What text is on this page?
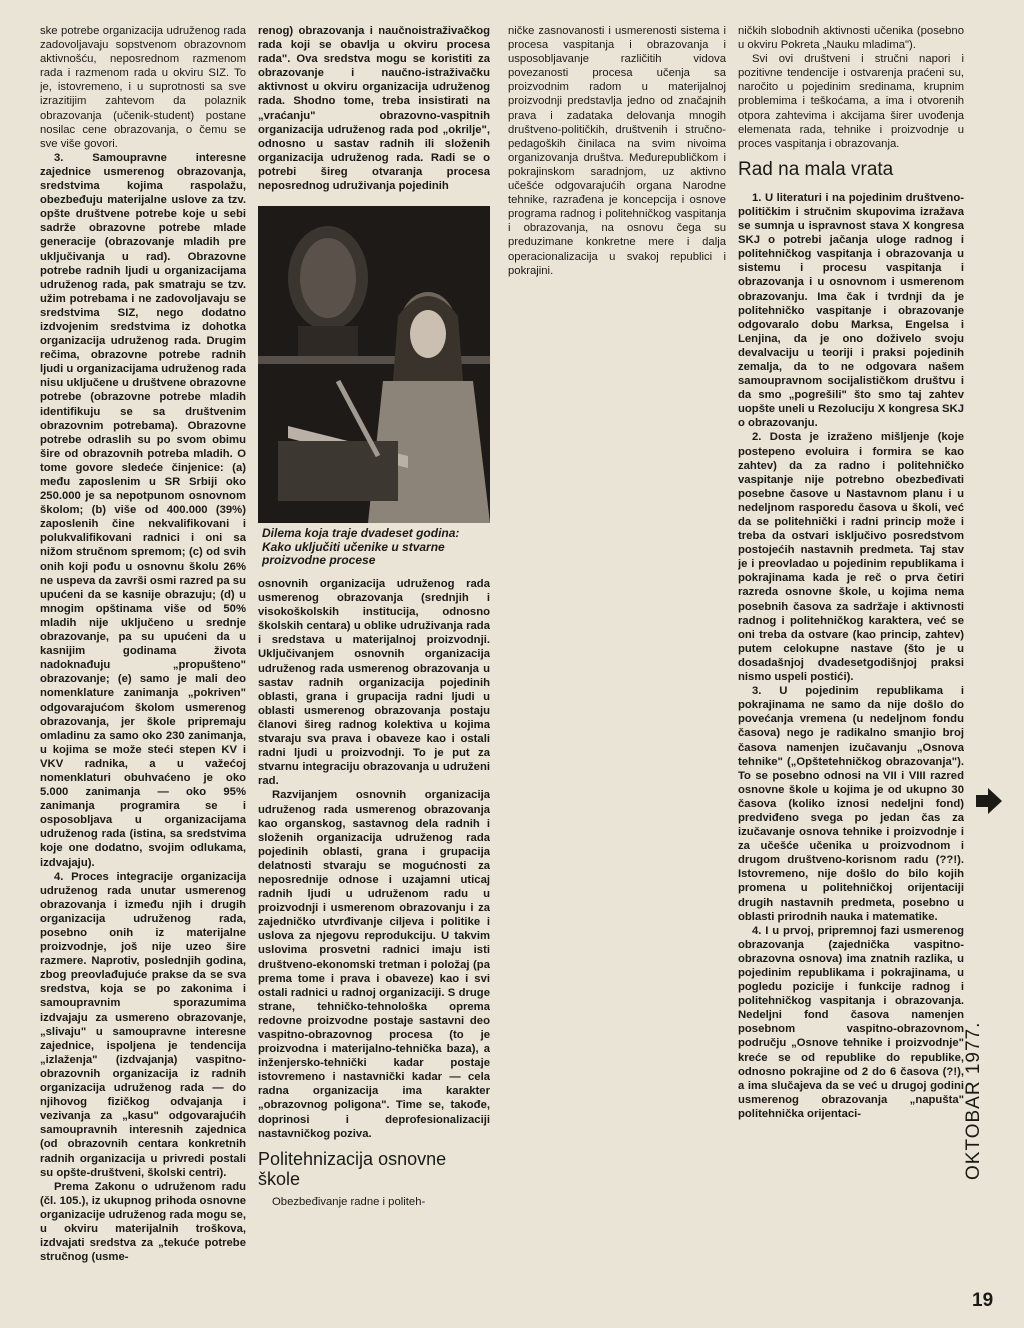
ske potrebe organizacija udruženog rada zadovoljavaju sopstvenom obrazovnom aktivnošću, neposrednom razmenom rada i razmenom rada u okviru SIZ. To je, istovremeno, i u suprotnosti sa sve izrazitijim zahtevom da polaznik obrazovanja (učenik-student) postane nosilac cene obrazovanja, o čemu se sve više govori.

3. Samoupravne interesne zajednice usmerenog obrazovanja, sredstvima kojima raspolažu, obezbeđuju materijalne uslove za tzv. opšte društvene potrebe koje u sebi sadrže obrazovne potrebe mlade generacije (obrazovanje mladih pre uključivanja u rad). Obrazovne potrebe radnih ljudi u organizacijama udruženog rada, pak smatraju se tzv. užim potrebama i ne zadovoljavaju se sredstvima SIZ, nego dodatno izdvojenim sredstvima iz dohotka organizacija udruženog rada. Drugim rečima, obrazovne potrebe radnih ljudi u organizacijama udruženog rada nisu uključene u društvene obrazovne potrebe (obrazovne potrebe mladih identifikuju se sa društvenim obrazovnim potrebama). Obrazovne potrebe odraslih su po svom obimu šire od obrazovnih potreba mladih. O tome govore sledeće činjenice: (a) među zaposlenim u SR Srbiji oko 250.000 je sa nepotpunom osnovnom školom; (b) više od 400.000 (39%) zaposlenih čine nekvalifikovani i polukvalifikovani radnici i oni sa nižom stručnom spremom; (c) od svih onih koji pođu u osnovnu školu 26% ne uspeva da završi osmi razred pa su upućeni da se kasnije obrazuju; (d) u mnogim opštinama više od 50% mladih nije uključeno u srednje obrazovanje, pa su upućeni da u kasnijim godinama života nadoknađuju „propušteno" obrazovanje; (e) samo je mali deo nomenklature zanimanja „pokriven" odgovarajućom školom usmerenog obrazovanja, jer škole pripremaju omladinu za samo oko 230 zanimanja, u kojima se može steći stepen KV i VKV radnika, a u važećoj nomenklaturi obuhvaćeno je oko 5.000 zanimanja — oko 95% zanimanja programira se i osposobljava u organizacijama udruženog rada (istina, sa sredstvima koje one dodatno, svojim odlukama, izdvajaju).

4. Proces integracije organizacija udruženog rada unutar usmerenog obrazovanja i između njih i drugih organizacija udruženog rada, posebno onih iz materijalne proizvodnje, još nije uzeo šire razmere. Naprotiv, poslednjih godina, zbog preovlađujuće prakse da se sva sredstva, koja se po zakonima i samoupravnim sporazumima izdvajaju za usmereno obrazovanje, „slivaju" u samoupravne interesne zajednice, ispoljena je tendencija „izlaženja" (izdvajanja) vaspitno-obrazovnih organizacija iz radnih organizacija udruženog rada — do njihovog fizičkog odvajanja i vezivanja za „kasu" odgovarajućih samoupravnih interesnih zajednica (od obrazovnih centara konkretnih radnih organizacija u privredi postali su opšte-društveni, školski centri).

Prema Zakonu o udruženom radu (čl. 105.), iz ukupnog prihoda osnovne organizacije udruženog rada mogu se, u okviru materijalnih troškova, izdvajati sredstva za „tekuće potrebe stručnog (usme-

renog) obrazovanja i naučnoistraživačkog rada koji se obavlja u okviru procesa rada". Ova sredstva mogu se koristiti za obrazovanje i naučno-istraživačku aktivnost u okviru organizacija udruženog rada. Shodno tome, treba insistirati na „vraćanju" obrazovno-vaspitnih organizacija udruženog rada pod „okrilje", odnosno u sastav radnih ili složenih organizacija udruženog rada. Radi se o potrebi šireg otvaranja procesa neposrednog udruživanja pojedinih

Dilema koja traje dvadeset godina: Kako uključiti učenike u stvarne proizvodne procese

osnovnih organizacija udruženog rada usmerenog obrazovanja (srednjih i visokoškolskih institucija, odnosno školskih centara) u oblike udruživanja rada i sredstava u materijalnoj proizvodnji. Uključivanjem osnovnih organizacija udruženog rada usmerenog obrazovanja u sastav radnih organizacija pojedinih oblasti, grana i grupacija radni ljudi u oblasti usmerenog obrazovanja postaju članovi šireg radnog kolektiva u kojima stvaraju sva prava i obaveze kao i ostali radni ljudi u proizvodnji. To je put za stvarnu integraciju obrazovanja u udruženi rad.

Razvijanjem osnovnih organizacija udruženog rada usmerenog obrazovanja kao organskog, sastavnog dela radnih i složenih organizacija udruženog rada pojedinih oblasti, grana i grupacija delatnosti stvaraju se mogućnosti za neposrednije odnose i uzajamni uticaj radnih ljudi u udruženom radu u proizvodnji i usmerenom obrazovanju i za zajedničko utvrđivanje ciljeva i politike i uslova za njegovu reprodukciju. U takvim uslovima prosvetni radnici imaju isti društveno-ekonomski tretman i položaj (pa prema tome i prava i obaveze) kao i svi ostali radnici u radnoj organizaciji. S druge strane, tehničko-tehnološka oprema redovne proizvodne postaje sastavni deo vaspitno-obrazovnog procesa (to je proizvodna i materijalno-tehnička baza), a inženjersko-tehnički kadar postaje istovremeno i nastavnički kadar — cela radna organizacija ima karakter „obrazovnog poligona". Time se, takođe, doprinosi i deprofesionalizaciji nastavničkog poziva.

Politehnizacija osnovne škole

Obezbeđivanje radne i politeh-

ničke zasnovanosti i usmerenosti sistema i procesa vaspitanja i obrazovanja i usposobljavanje različitih vidova povezanosti procesa učenja sa proizvodnim radom u materijalnoj proizvodnji predstavlja jedno od značajnih prava i zadataka delovanja mnogih društveno-političkih, društvenih i stručno-pedagoških činilaca na svim nivoima organizovanja društva. Međurepubličkom i pokrajinskom saradnjom, uz aktivno učešće odgovarajućih organa Narodne tehnike, razrađena je koncepcija i osnove programa radnog i politehničkog vaspitanja i obrazovanja, na osnovu čega su preduzimane konkretne mere i dalja operacionalizacija u svakoj republici i pokrajini.

ničkih slobodnih aktivnosti učenika (posebno u okviru Pokreta „Nauku mladima").

Svi ovi društveni i stručni napori i pozitivne tendencije i ostvarenja praćeni su, naročito u pojedinim sredinama, krupnim problemima i teškoćama, a ima i otvorenih otpora zahtevima i akcijama širег uvođenja elemenata rada, tehnike i proizvodnje u proces vaspitanja i obrazovanja.

Rad na mala vrata

1. U literaturi i na pojedinim društveno-političkim i stručnim skupovima izražava se sumnja u ispravnost stava X kongresa SKJ o potrebi jačanja uloge radnog i politehničkog vaspitanja i obrazovanja u sistemu i procesu vaspitanja i obrazovanja i u osnovnom i usmerenom obrazovanju. Ima čak i tvrdnji da je politehničko vaspitanje i obrazovanje odgovaralo dobu Marksa, Engelsa i Lenjina, da je ono doživelo svoju devalvaciju u teoriji i praksi pojedinih zemalja, da to ne odgovara našem samoupravnom socijalističkom društvu i da smo „pogrešili" što smo taj zahtev uopšte uneli u Rezoluciju X kongresa SKJ o obrazovanju.

2. Dosta je izraženo mišljenje (koje postepeno evoluira i formira se kao zahtev) da za radno i politehničko vaspitanje nije potrebno obezbeđivati posebne časove u Nastavnom planu i u nedeljnom rasporedu časova u školi, već da se politehnički i radni princip može i treba da ostvari isključivo posredstvom postojećih nastavnih predmeta. Taj stav je i preovladao u pojedinim republikama i pokrajinama kada je reč o prva četiri razreda osnovne škole, u kojima nema posebnih časova za sadržaje i aktivnosti radnog i politehničkog karaktera, već se oni treba da ostvare (kao princip, zahtev) putem celokupne nastave (što je u dosadašnjoj dvadesetgodišnjoj praksi nismo uspeli postići).

3. U pojedinim republikama i pokrajinama ne samo da nije došlo do povećanja vremena (u nedeljnom fondu časova) nego je radikalno smanjio broj časova namenjen izučavanju „Osnova tehnike" („Opštetehničkog obrazovanja"). To se posebno odnosi na VII i VIII razred osnovne škole u kojima je od ukupno 30 časova (koliko iznosi nedeljni fond) predviđeno svega po jedan čas za izučavanje osnova tehnike i proizvodnje i za učešće učenika u proizvodnom i drugom društveno-korisnom radu (??!). Istovremeno, nije došlo do bilo kojih promena u politehničkoj orijentaciji drugih nastavnih predmeta, posebno u oblasti prirodnih nauka i matematike.

4. I u prvoj, pripremnoj fazi usmerenog obrazovanja (zajednička vaspitno-obrazovna osnova) ima znatnih razlika, u pojedinim republikama i pokrajinama, u pogledu pozicije i funkcije radnog i politehničkog vaspitanja i obrazovanja. Nedeljni fond časova namenjen posebnom vaspitno-obrazovnom području „Osnove tehnike i proizvodnje" kreće se od republike do republike, odnosno pokrajine od 2 do 6 časova (?!), a ima slučajeva da se već u drugoj godini usmerenog obrazovanja „napušta" politehnička orijentaci-	OKTOBAR 1977.
19
